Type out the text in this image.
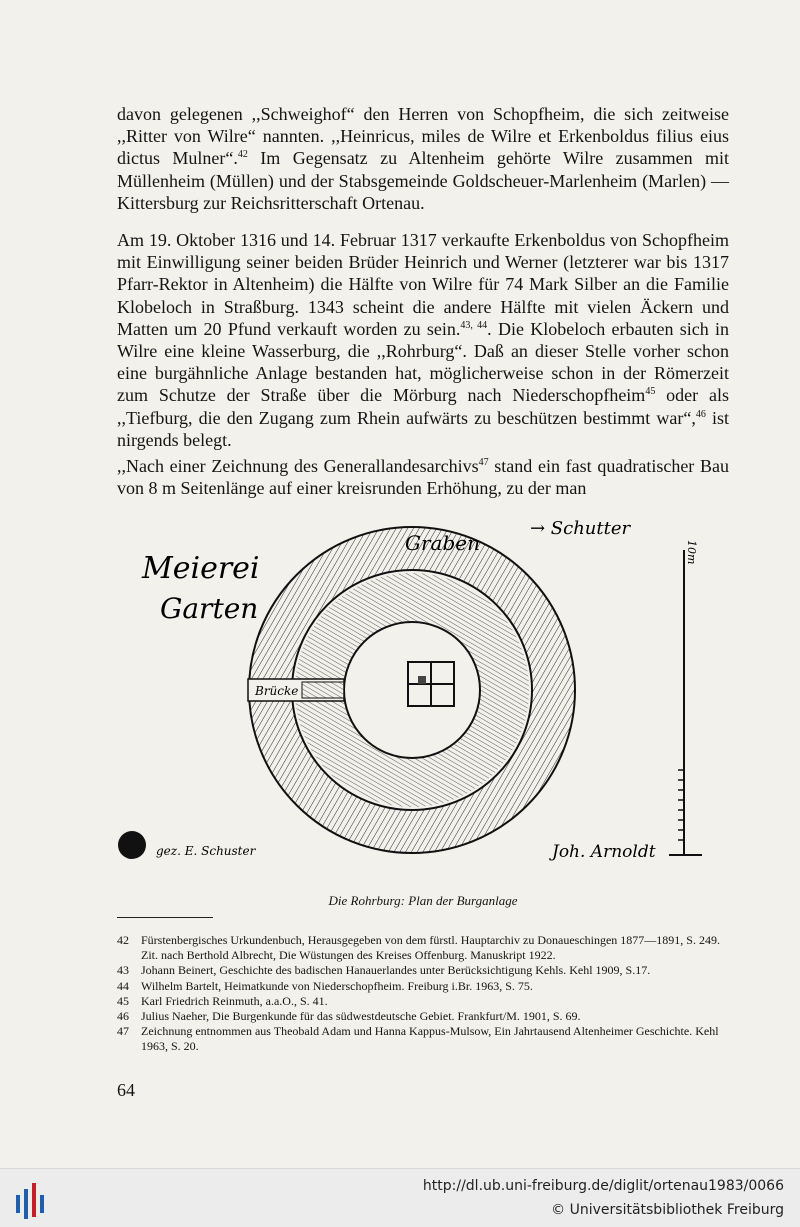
davon gelegenen ,,Schweighof“ den Herren von Schopfheim, die sich zeitweise ,,Ritter von Wilre“ nannten. ,,Heinricus, miles de Wilre et Erkenboldus filius eius dictus Mulner“.$^{42}$ Im Gegensatz zu Altenheim gehörte Wilre zusammen mit Müllenheim (Müllen) und der Stabsgemeinde Goldscheuer-Marlenheim (Marlen) — Kittersburg zur Reichsritterschaft Ortenau.
Am 19. Oktober 1316 und 14. Februar 1317 verkaufte Erkenboldus von Schopfheim mit Einwilligung seiner beiden Brüder Heinrich und Werner (letzterer war bis 1317 Pfarr-Rektor in Altenheim) die Hälfte von Wilre für 74 Mark Silber an die Familie Klobeloch in Straßburg. 1343 scheint die andere Hälfte mit vielen Äckern und Matten um 20 Pfund verkauft worden zu sein.$^{43, 44}$. Die Klobeloch erbauten sich in Wilre eine kleine Wasserburg, die ,,Rohrburg“. Daß an dieser Stelle vorher schon eine burgähnliche Anlage bestanden hat, möglicherweise schon in der Römerzeit zum Schutze der Straße über die Mörburg nach Niederschopfheim$^{45}$ oder als ,,Tiefburg, die den Zugang zum Rhein aufwärts zu beschützen bestimmt war“,$^{46}$ ist nirgends belegt.
,,Nach einer Zeichnung des Generallandesarchivs$^{47}$ stand ein fast quadratischer Bau von 8 m Seitenlänge auf einer kreisrunden Erhöhung, zu der man
Brücke
Meierei
Garten
Graben
→ Schutter
10m
gez. E. Schuster	Joh. Arnoldt
Die Rohrburg: Plan der Burganlage
42	Fürstenbergisches Urkundenbuch, Herausgegeben von dem fürstl. Hauptarchiv zu Donaueschingen 1877—1891, S. 249. Zit. nach Berthold Albrecht, Die Wüstungen des Kreises Offenburg. Manuskript 1922.
43	Johann Beinert, Geschichte des badischen Hanauerlandes unter Berücksichtigung Kehls. Kehl 1909, S.17.
44	Wilhelm Bartelt, Heimatkunde von Niederschopfheim. Freiburg i.Br. 1963, S. 75.
45	Karl Friedrich Reinmuth, a.a.O., S. 41.
46	Julius Naeher, Die Burgenkunde für das südwestdeutsche Gebiet. Frankfurt/M. 1901, S. 69.
47	Zeichnung entnommen aus Theobald Adam und Hanna Kappus-Mulsow, Ein Jahrtausend Altenheimer Geschichte. Kehl 1963, S. 20.
64
http://dl.ub.uni-freiburg.de/diglit/ortenau1983/0066
© Universitätsbibliothek Freiburg
